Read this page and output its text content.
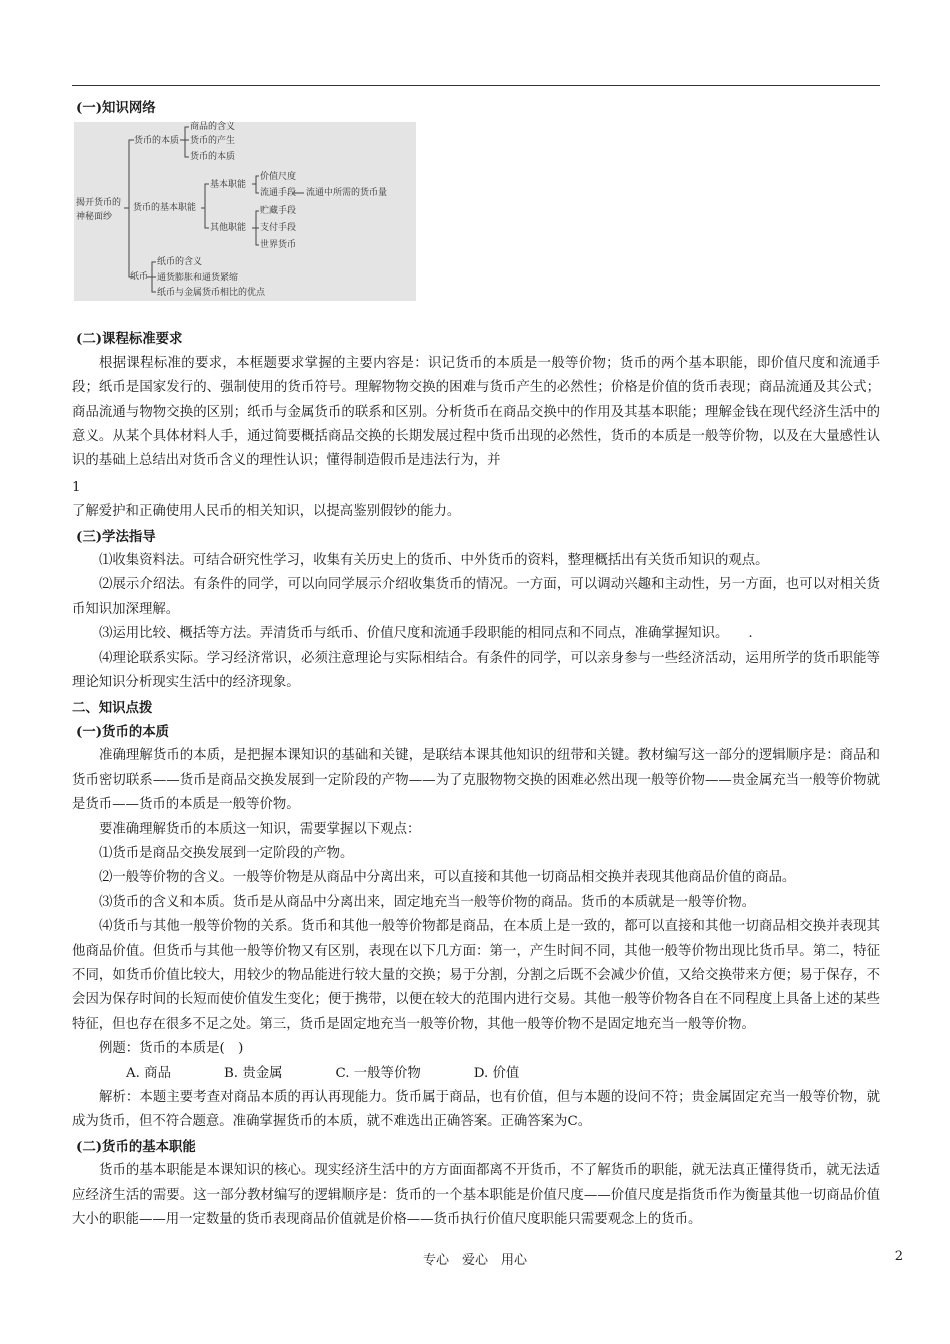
(一)知识网络
揭开货币的
神秘面纱
货币的本质
商品的含义
货币的产生
货币的本质
货币的基本职能
基本职能
价值尺度
流通手段 流通中所需的货币量
其他职能
贮藏手段
支付手段
世界货币
纸币
纸币的含义
通货膨胀和通货紧缩
纸币与金属货币相比的优点
(二)课程标准要求

根据课程标准的要求，本框题要求掌握的主要内容是：识记货币的本质是一般等价物；货币的两个基本职能，即价值尺度和流通手段；纸币是国家发行的、强制使用的货币符号。理解物物交换的困难与货币产生的必然性；价格是价值的货币表现；商品流通及其公式；商品流通与物物交换的区别；纸币与金属货币的联系和区别。分析货币在商品交换中的作用及其基本职能；理解金钱在现代经济生活中的意义。从某个具体材料人手，通过简要概括商品交换的长期发展过程中货币出现的必然性，货币的本质是一般等价物，以及在大量感性认识的基础上总结出对货币含义的理性认识；懂得制造假币是违法行为，并

1

了解爱护和正确使用人民币的相关知识，以提高鉴别假钞的能力。

(三)学法指导

⑴收集资料法。可结合研究性学习，收集有关历史上的货币、中外货币的资料，整理概括出有关货币知识的观点。

⑵展示介绍法。有条件的同学，可以向同学展示介绍收集货币的情况。一方面，可以调动兴趣和主动性，另一方面，也可以对相关货币知识加深理解。

⑶运用比较、概括等方法。弄清货币与纸币、价值尺度和流通手段职能的相同点和不同点，准确掌握知识。　　.

⑷理论联系实际。学习经济常识，必须注意理论与实际相结合。有条件的同学，可以亲身参与一些经济活动，运用所学的货币职能等理论知识分析现实生活中的经济现象。

二、知识点拨
(一)货币的本质

准确理解货币的本质，是把握本课知识的基础和关键，是联结本课其他知识的纽带和关键。教材编写这一部分的逻辑顺序是：商品和货币密切联系——货币是商品交换发展到一定阶段的产物——为了克服物物交换的困难必然出现一般等价物——贵金属充当一般等价物就是货币——货币的本质是一般等价物。

要准确理解货币的本质这一知识，需要掌握以下观点：

⑴货币是商品交换发展到一定阶段的产物。

⑵一般等价物的含义。一般等价物是从商品中分离出来，可以直接和其他一切商品相交换并表现其他商品价值的商品。

⑶货币的含义和本质。货币是从商品中分离出来，固定地充当一般等价物的商品。货币的本质就是一般等价物。

⑷货币与其他一般等价物的关系。货币和其他一般等价物都是商品，在本质上是一致的，都可以直接和其他一切商品相交换并表现其他商品价值。但货币与其他一般等价物又有区别，表现在以下几方面：第一，产生时间不同，其他一般等价物出现比货币早。第二，特征不同，如货币价值比较大，用较少的物品能进行较大量的交换；易于分割，分割之后既不会减少价值，又给交换带来方便；易于保存，不会因为保存时间的长短而使价值发生变化；便于携带，以便在较大的范围内进行交易。其他一般等价物各自在不同程度上具备上述的某些特征，但也存在很多不足之处。第三，货币是固定地充当一般等价物，其他一般等价物不是固定地充当一般等价物。

例题：货币的本质是(　)

A. 商品	B. 贵金属	C. 一般等价物	D. 价值

解析：本题主要考查对商品本质的再认再现能力。货币属于商品，也有价值，但与本题的设问不符；贵金属固定充当一般等价物，就成为货币，但不符合题意。准确掌握货币的本质，就不难选出正确答案。正确答案为C。

(二)货币的基本职能

货币的基本职能是本课知识的核心。现实经济生活中的方方面面都离不开货币，不了解货币的职能，就无法真正懂得货币，就无法适应经济生活的需要。这一部分教材编写的逻辑顺序是：货币的一个基本职能是价值尺度——价值尺度是指货币作为衡量其他一切商品价值大小的职能——用一定数量的货币表现商品价值就是价格——货币执行价值尺度职能只需要观念上的货币。

专心　爱心　用心	2
